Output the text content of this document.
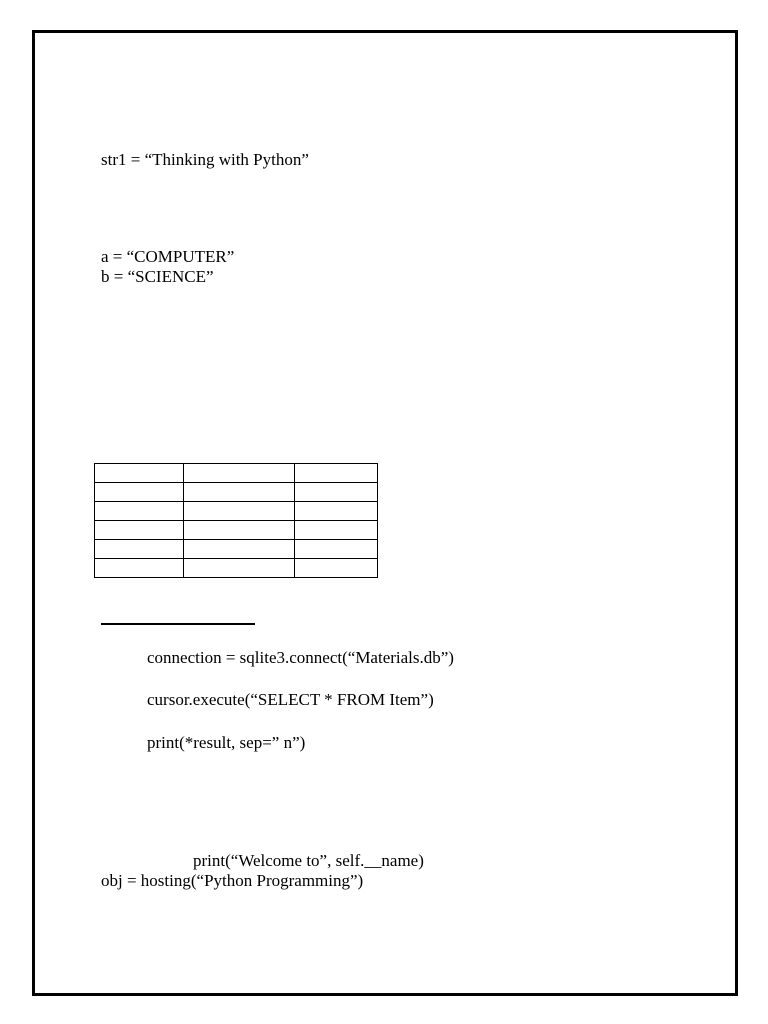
str1 = “Thinking with Python”
a = “COMPUTER”
b = “SCIENCE”

connection = sqlite3.connect(“Materials.db”)
cursor.execute(“SELECT * FROM Item”)
print(*result, sep=” n”)
print(“Welcome to”, self.__name)
obj = hosting(“Python Programming”)
